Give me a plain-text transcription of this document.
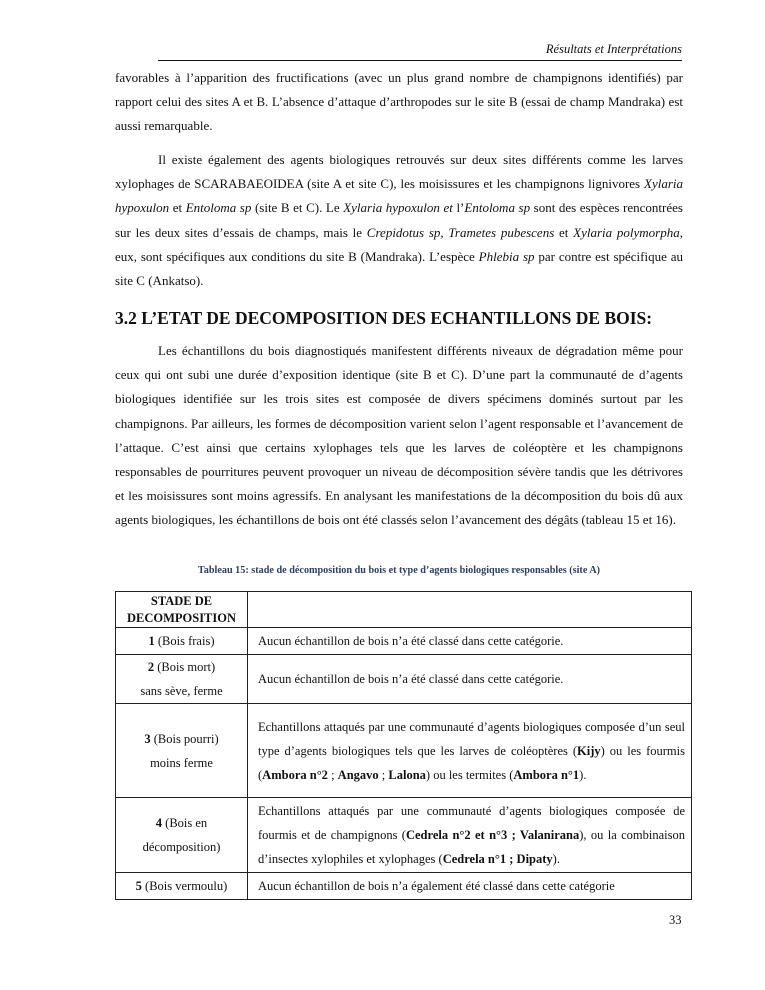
Résultats et Interprétations

favorables à l’apparition des fructifications (avec un plus grand nombre de champignons identifiés) par rapport celui des sites A et B. L’absence d’attaque d’arthropodes sur le site B (essai de champ Mandraka) est aussi remarquable.

Il existe également des agents biologiques retrouvés sur deux sites différents comme les larves xylophages de SCARABAEOIDEA (site A et site C), les moisissures et les champignons lignivores Xylaria hypoxulon et Entoloma sp (site B et C). Le Xylaria hypoxulon et l’Entoloma sp sont des espèces rencontrées sur les deux sites d’essais de champs, mais le Crepidotus sp, Trametes pubescens et Xylaria polymorpha, eux, sont spécifiques aux conditions du site B (Mandraka). L’espèce Phlebia sp par contre est spécifique au site C (Ankatso).

3.2 L’ETAT DE DECOMPOSITION DES ECHANTILLONS DE BOIS:

Les échantillons du bois diagnostiqués manifestent différents niveaux de dégradation même pour ceux qui ont subi une durée d’exposition identique (site B et C). D’une part la communauté de d’agents biologiques identifiée sur les trois sites est composée de divers spécimens dominés surtout par les champignons. Par ailleurs, les formes de décomposition varient selon l’agent responsable et l’avancement de l’attaque. C’est ainsi que certains xylophages tels que les larves de coléoptère et les champignons responsables de pourritures peuvent provoquer un niveau de décomposition sévère tandis que les détrivores et les moisissures sont moins agressifs. En analysant les manifestations de la décomposition du bois dû aux agents biologiques, les échantillons de bois ont été classés selon l’avancement des dégâts (tableau 15 et 16).

Tableau 15: stade de décomposition du bois et type d’agents biologiques responsables (site A)
STADE DE
DECOMPOSITION	
1 (Bois frais)	Aucun échantillon de bois n’a été classé dans cette catégorie.

2 (Bois mort)
sans sève, ferme	Aucun échantillon de bois n’a été classé dans cette catégorie.

3 (Bois pourri)
moins ferme	Echantillons attaqués par une communauté d’agents biologiques composée d’un seul type d’agents biologiques tels que les larves de coléoptères (Kijy) ou les fourmis (Ambora n°2 ; Angavo ; Lalona) ou les termites (Ambora n°1).

4 (Bois en
décomposition)	Echantillons attaqués par une communauté d’agents biologiques composée de fourmis et de champignons (Cedrela n°2 et n°3 ; Valanirana), ou la combinaison d’insectes xylophiles et xylophages (Cedrela n°1 ; Dipaty).
5 (Bois vermoulu)	Aucun échantillon de bois n’a également été classé dans cette catégorie
33
